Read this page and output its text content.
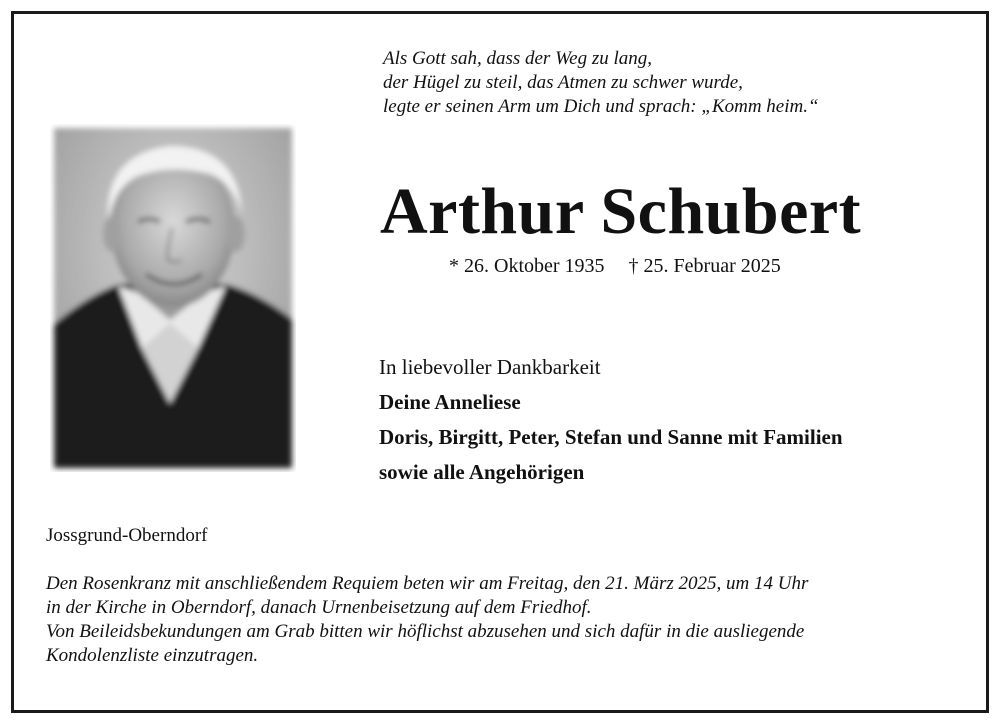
Als Gott sah, dass der Weg zu lang,
der Hügel zu steil, das Atmen zu schwer wurde,
legte er seinen Arm um Dich und sprach: „Komm heim.“
Arthur Schubert
* 26. Oktober 1935 † 25. Februar 2025
In liebevoller Dankbarkeit
Deine Anneliese
Doris, Birgitt, Peter, Stefan und Sanne mit Familien
sowie alle Angehörigen
Jossgrund-Oberndorf
Den Rosenkranz mit anschließendem Requiem beten wir am Freitag, den 21. März 2025, um 14 Uhr
in der Kirche in Oberndorf, danach Urnenbeisetzung auf dem Friedhof.
Von Beileidsbekundungen am Grab bitten wir höflichst abzusehen und sich dafür in die ausliegende
Kondolenzliste einzutragen.
